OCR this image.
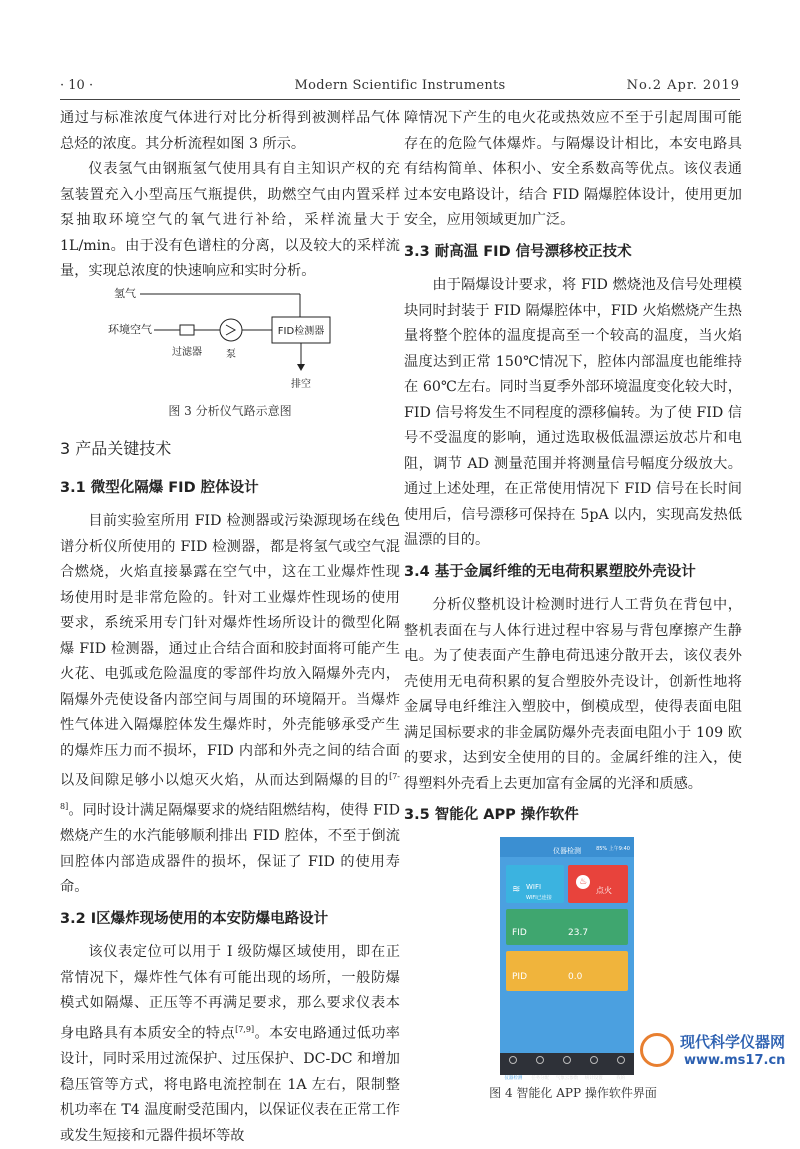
· 10 ·	Modern Scientific Instruments	No.2 Apr. 2019

通过与标准浓度气体进行对比分析得到被测样品气体总烃的浓度。其分析流程如图 3 所示。

仪表氢气由钢瓶氢气使用具有自主知识产权的充氢装置充入小型高压气瓶提供，助燃空气由内置采样泵抽取环境空气的氧气进行补给，采样流量大于 1L/min。由于没有色谱柱的分离，以及较大的采样流量，实现总浓度的快速响应和实时分析。

氢气
环境空气	FID检测器
过滤器 泵
排空
图 3 分析仪气路示意图
3 产品关键技术
3.1 微型化隔爆 FID 腔体设计

目前实验室所用 FID 检测器或污染源现场在线色谱分析仪所使用的 FID 检测器，都是将氢气或空气混合燃烧，火焰直接暴露在空气中，这在工业爆炸性现场使用时是非常危险的。针对工业爆炸性现场的使用要求，系统采用专门针对爆炸性场所设计的微型化隔爆 FID 检测器，通过止合结合面和胶封面将可能产生火花、电弧或危险温度的零部件均放入隔爆外壳内，隔爆外壳使设备内部空间与周围的环境隔开。当爆炸性气体进入隔爆腔体发生爆炸时，外壳能够承受产生的爆炸压力而不损坏，FID 内部和外壳之间的结合面以及间隙足够小以熄灭火焰，从而达到隔爆的目的[7-8]。同时设计满足隔爆要求的烧结阻燃结构，使得 FID 燃烧产生的水汽能够顺利排出 FID 腔体，不至于倒流回腔体内部造成器件的损坏，保证了 FID 的使用寿命。

3.2 Ⅰ区爆炸现场使用的本安防爆电路设计

该仪表定位可以用于 I 级防爆区域使用，即在正常情况下，爆炸性气体有可能出现的场所，一般防爆模式如隔爆、正压等不再满足要求，那么要求仪表本身电路具有本质安全的特点[7,9]。本安电路通过低功率设计，同时采用过流保护、过压保护、DC-DC 和增加稳压管等方式，将电路电流控制在 1A 左右，限制整机功率在 T4 温度耐受范围内，以保证仪表在正常工作或发生短接和元器件损坏等故

障情况下产生的电火花或热效应不至于引起周围可能存在的危险气体爆炸。与隔爆设计相比，本安电路具有结构简单、体积小、安全系数高等优点。该仪表通过本安电路设计，结合 FID 隔爆腔体设计，使用更加安全，应用领域更加广泛。

3.3 耐高温 FID 信号漂移校正技术

由于隔爆设计要求，将 FID 燃烧池及信号处理模块同时封装于 FID 隔爆腔体中，FID 火焰燃烧产生热量将整个腔体的温度提高至一个较高的温度，当火焰温度达到正常 150℃情况下，腔体内部温度也能维持在 60℃左右。同时当夏季外部环境温度变化较大时，FID 信号将发生不同程度的漂移偏转。为了使 FID 信号不受温度的影响，通过选取极低温漂运放芯片和电阻，调节 AD 测量范围并将测量信号幅度分级放大。通过上述处理，在正常使用情况下 FID 信号在长时间使用后，信号漂移可保持在 5pA 以内，实现高发热低温漂的目的。

3.4 基于金属纤维的无电荷积累塑胶外壳设计

分析仪整机设计检测时进行人工背负在背包中，整机表面在与人体行进过程中容易与背包摩擦产生静电。为了使表面产生静电荷迅速分散开去，该仪表外壳使用无电荷积累的复合塑胶外壳设计，创新性地将金属导电纤维注入塑胶中，倒模成型，使得表面电阻满足国标要求的非金属防爆外壳表面电阻小于 109 欧的要求，达到安全使用的目的。金属纤维的注入，使得塑料外壳看上去更加富有金属的光泽和质感。

3.5 智能化 APP 操作软件
仪器检测
≋ WIFI
WIFI已连接
♨
点火
FID	23.7
PID	0.0
仪器检测	任务分配	气象云参数	统计设置	我的
图 4 智能化 APP 操作软件界面
现代科学仪器网
www.ms17.cn
